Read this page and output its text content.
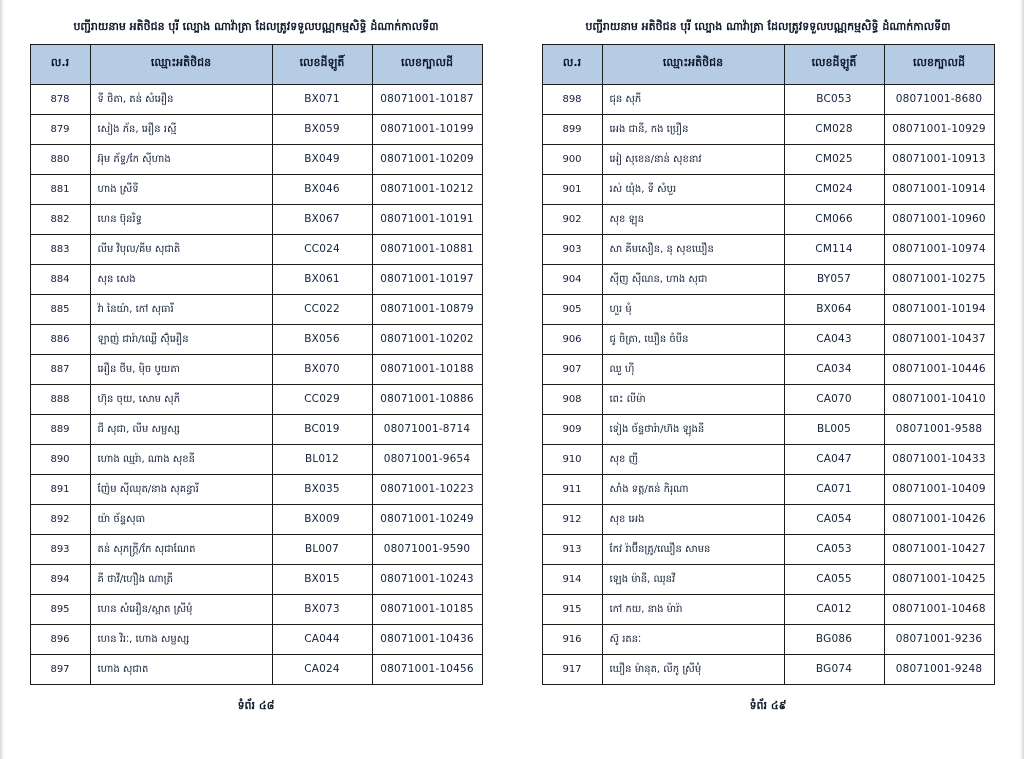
បញ្ជីរាយនាម អតិថិជន បុរី ល្បោង ណាវ៉ាត្រា ដែលត្រូវទទួលបណ្ណកម្មសិទ្ធិ ដំណាក់កាលទី៣
ល.រ	ឈ្មោះអតិថិជន	លេខដីឡូតិ៍	លេខក្បាលដី
878	ទី ថិតា, តន់ សំអឿន	BX071	08071001-10187
879	សៀង ភ័ន, អឿន រស្មី	BX059	08071001-10199
880	អ៊ុម ភ័ទ្ទ/កែ ស៊ីហាង	BX049	08071001-10209
881	ហាង ស្រីទី	BX046	08071001-10212
882	ហេន ប៊ុនរិទ្ធ	BX067	08071001-10191
883	លីម វិបុល/គីម សុជាតិ	CC024	08071001-10881
884	សុន សេង	BX061	08071001-10197
885	វ៉ា នៃយ៉ា, កៅ សុធារី	CC022	08071001-10879
886	ឡាញ់ ជារ៉ា/ឈ្លើ ស៊ុំអឿន	BX056	08071001-10202
887	អឿន ថីម, មុិច បូយតា	BX070	08071001-10188
888	ហ៊ុន ចុយ, សោម សុភី	CC029	08071001-10886
889	ជី សុជា, លីម សម្ផស្ស	BC019	08071001-8714
890	ហោង ឈ្មរ៉ា, ណាង សុខនី	BL012	08071001-9654
891	ញ៉ែម ស៊ីឈុត/នាង សុគន្ធារី	BX035	08071001-10223
892	យ៉ា ច័ន្ទសុធា	BX009	08071001-10249
893	តន់ សុភក្រ្តី/កែ សុជាណែត	BL007	08071001-9590
894	គី ថាវី/ហឿង ណាត្រី	BX015	08071001-10243
895	ហេន សំអឿន/ស្អាត ស្រីមុំ	BX073	08071001-10185
896	ហេន វិរៈ, ហោង សម្ផស្ស	CA044	08071001-10436
897	ហោង សុជាត	CA024	08071001-10456
ទំព័រ ៤៨
បញ្ជីរាយនាម អតិថិជន បុរី ល្បោង ណាវ៉ាត្រា ដែលត្រូវទទួលបណ្ណកម្មសិទ្ធិ ដំណាក់កាលទី៣
ល.រ	ឈ្មោះអតិថិជន	លេខដីឡូតិ៍	លេខក្បាលដី
898	ជុន សុភី	BC053	08071001-8680
899	អេង ជានី, កង ប្រឿន	CM028	08071001-10929
900	អៀ សុខេន/នាន់ សុខនាវ	CM025	08071001-10913
901	រស់ យុំង, ទី សំបួរ	CM024	08071001-10914
902	សុខ ឡុន	CM066	08071001-10960
903	សា គីមសឿន, នុ សុខឃឿន	CM114	08071001-10974
904	ស៊ីញ ស៊ីណន, ហាង សុជា	BY057	08071001-10275
905	ហួរ មុំ	BX064	08071001-10194
906	ជូ ចិត្រា, ឃឿន ចំបីន	CA043	08071001-10437
907	ឈួ ហុី	CA034	08071001-10446
908	ពេះ លីម៉ា	CA070	08071001-10410
909	ទៀង ច័ន្ទថារ៉ា/ហ៊ង ឡុងនី	BL005	08071001-9588
910	សុខ ញី	CA047	08071001-10433
911	សាំង ទត្ត/តន់ កិរុណា	CA071	08071001-10409
912	សុខ អេង	CA054	08071001-10426
913	កែវ រ៉ាប៊ីនត្រូ/ឈឿន សាមន	CA053	08071001-10427
914	ឡេង ម៉ានី, ឈុនវី	CA055	08071001-10425
915	កៅ កយ, នាង ម៉ារ៉ា	CA012	08071001-10468
916	ស៊ូ រតនៈ	BG086	08071001-9236
917	ឃឿន ម៉ានុត, លីកូ ស្រីមុំ	BG074	08071001-9248
ទំព័រ ៤៩
